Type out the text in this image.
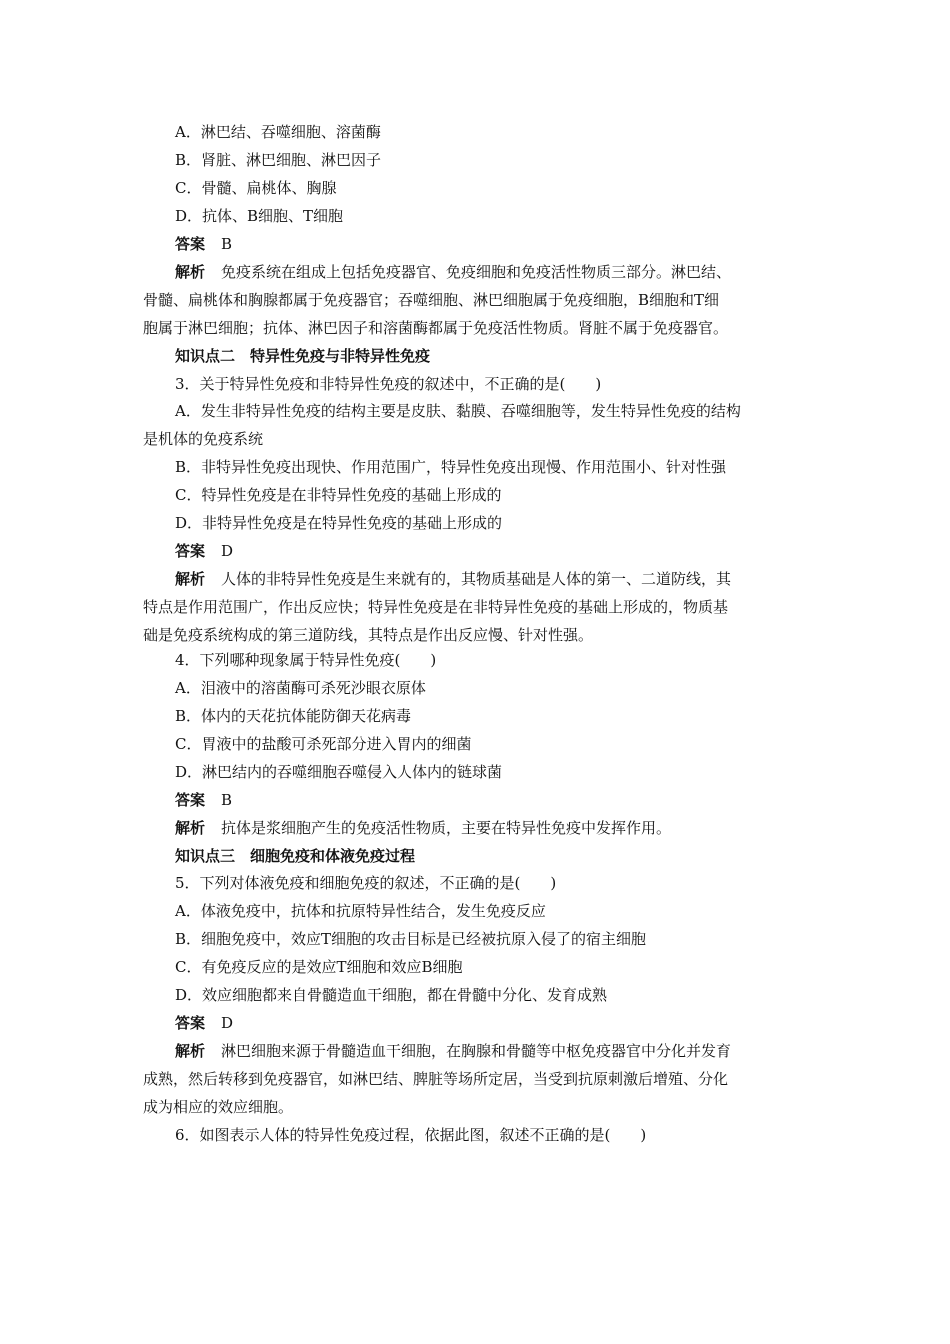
A．淋巴结、吞噬细胞、溶菌酶
B．肾脏、淋巴细胞、淋巴因子
C．骨髓、扁桃体、胸腺
D．抗体、B细胞、T细胞
答案 B
解析 免疫系统在组成上包括免疫器官、免疫细胞和免疫活性物质三部分。淋巴结、
骨髓、扁桃体和胸腺都属于免疫器官；吞噬细胞、淋巴细胞属于免疫细胞，B细胞和T细
胞属于淋巴细胞；抗体、淋巴因子和溶菌酶都属于免疫活性物质。肾脏不属于免疫器官。
知识点二　特异性免疫与非特异性免疫
3．关于特异性免疫和非特异性免疫的叙述中，不正确的是(　　)
A．发生非特异性免疫的结构主要是皮肤、黏膜、吞噬细胞等，发生特异性免疫的结构
是机体的免疫系统
B．非特异性免疫出现快、作用范围广，特异性免疫出现慢、作用范围小、针对性强
C．特异性免疫是在非特异性免疫的基础上形成的
D．非特异性免疫是在特异性免疫的基础上形成的
答案 D
解析 人体的非特异性免疫是生来就有的，其物质基础是人体的第一、二道防线，其
特点是作用范围广，作出反应快；特异性免疫是在非特异性免疫的基础上形成的，物质基
础是免疫系统构成的第三道防线，其特点是作出反应慢、针对性强。
4．下列哪种现象属于特异性免疫(　　)
A．泪液中的溶菌酶可杀死沙眼衣原体
B．体内的天花抗体能防御天花病毒
C．胃液中的盐酸可杀死部分进入胃内的细菌
D．淋巴结内的吞噬细胞吞噬侵入人体内的链球菌
答案 B
解析 抗体是浆细胞产生的免疫活性物质，主要在特异性免疫中发挥作用。
知识点三　细胞免疫和体液免疫过程
5．下列对体液免疫和细胞免疫的叙述，不正确的是(　　)
A．体液免疫中，抗体和抗原特异性结合，发生免疫反应
B．细胞免疫中，效应T细胞的攻击目标是已经被抗原入侵了的宿主细胞
C．有免疫反应的是效应T细胞和效应B细胞
D．效应细胞都来自骨髓造血干细胞，都在骨髓中分化、发育成熟
答案 D
解析 淋巴细胞来源于骨髓造血干细胞，在胸腺和骨髓等中枢免疫器官中分化并发育
成熟，然后转移到免疫器官，如淋巴结、脾脏等场所定居，当受到抗原刺激后增殖、分化
成为相应的效应细胞。
6．如图表示人体的特异性免疫过程，依据此图，叙述不正确的是(　　)
